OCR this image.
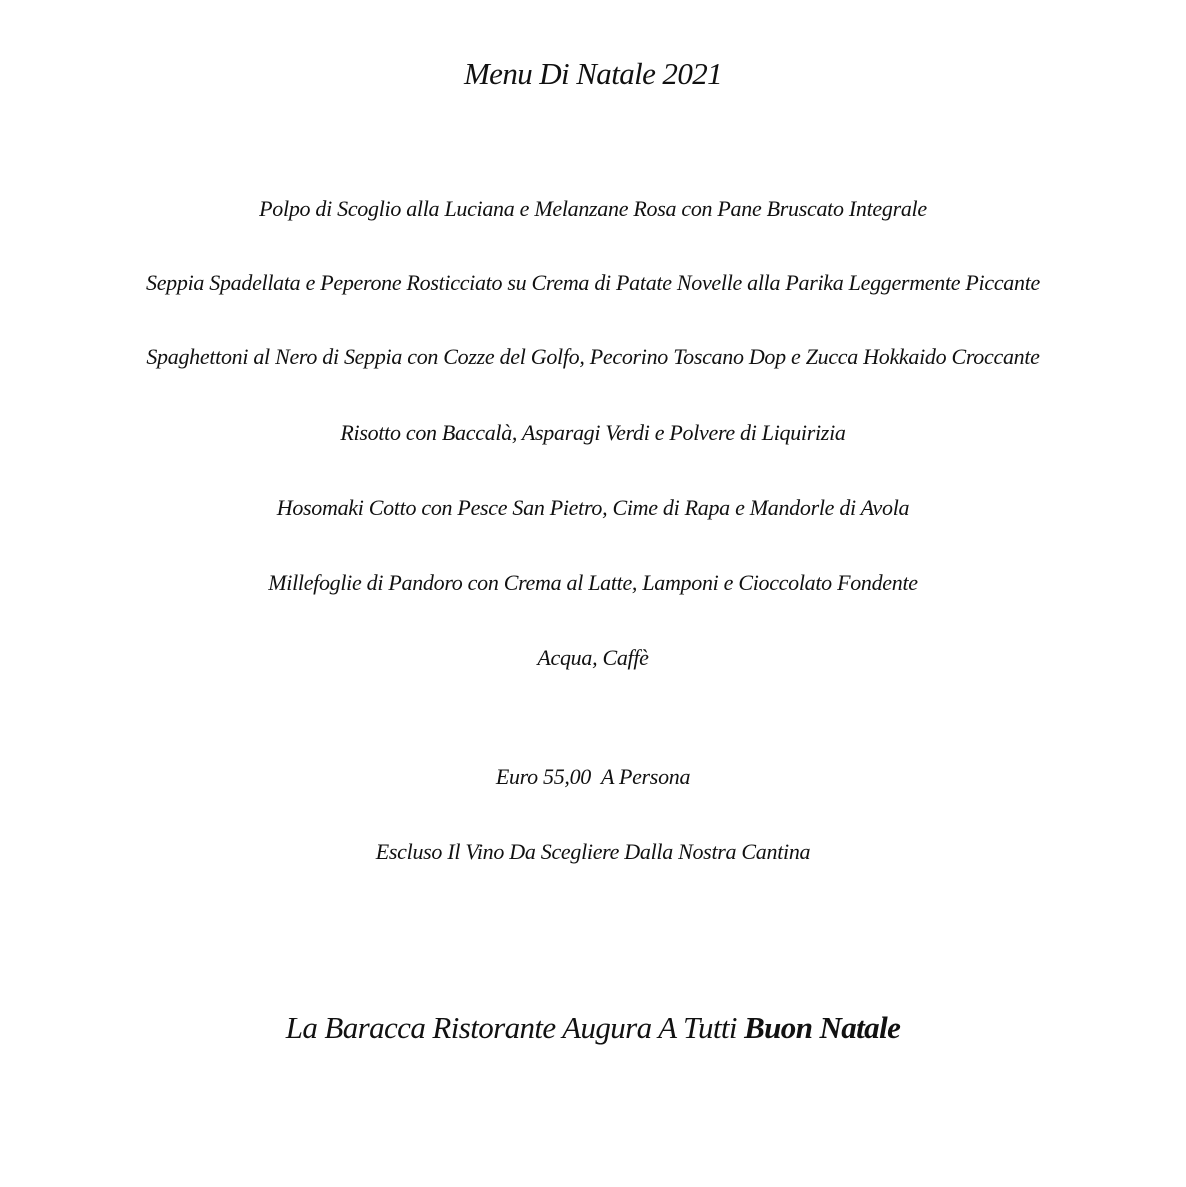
Menu Di Natale 2021
Polpo di Scoglio alla Luciana e Melanzane Rosa con Pane Bruscato Integrale
Seppia Spadellata e Peperone Rosticciato su Crema di Patate Novelle alla Parika Leggermente Piccante
Spaghettoni al Nero di Seppia con Cozze del Golfo, Pecorino Toscano Dop e Zucca Hokkaido Croccante
Risotto con Baccalà, Asparagi Verdi e Polvere di Liquirizia
Hosomaki Cotto con Pesce San Pietro, Cime di Rapa e Mandorle di Avola
Millefoglie di Pandoro con Crema al Latte, Lamponi e Cioccolato Fondente
Acqua, Caffè
Euro 55,00  A Persona
Escluso Il Vino Da Scegliere Dalla Nostra Cantina
La Baracca Ristorante Augura A Tutti Buon Natale
